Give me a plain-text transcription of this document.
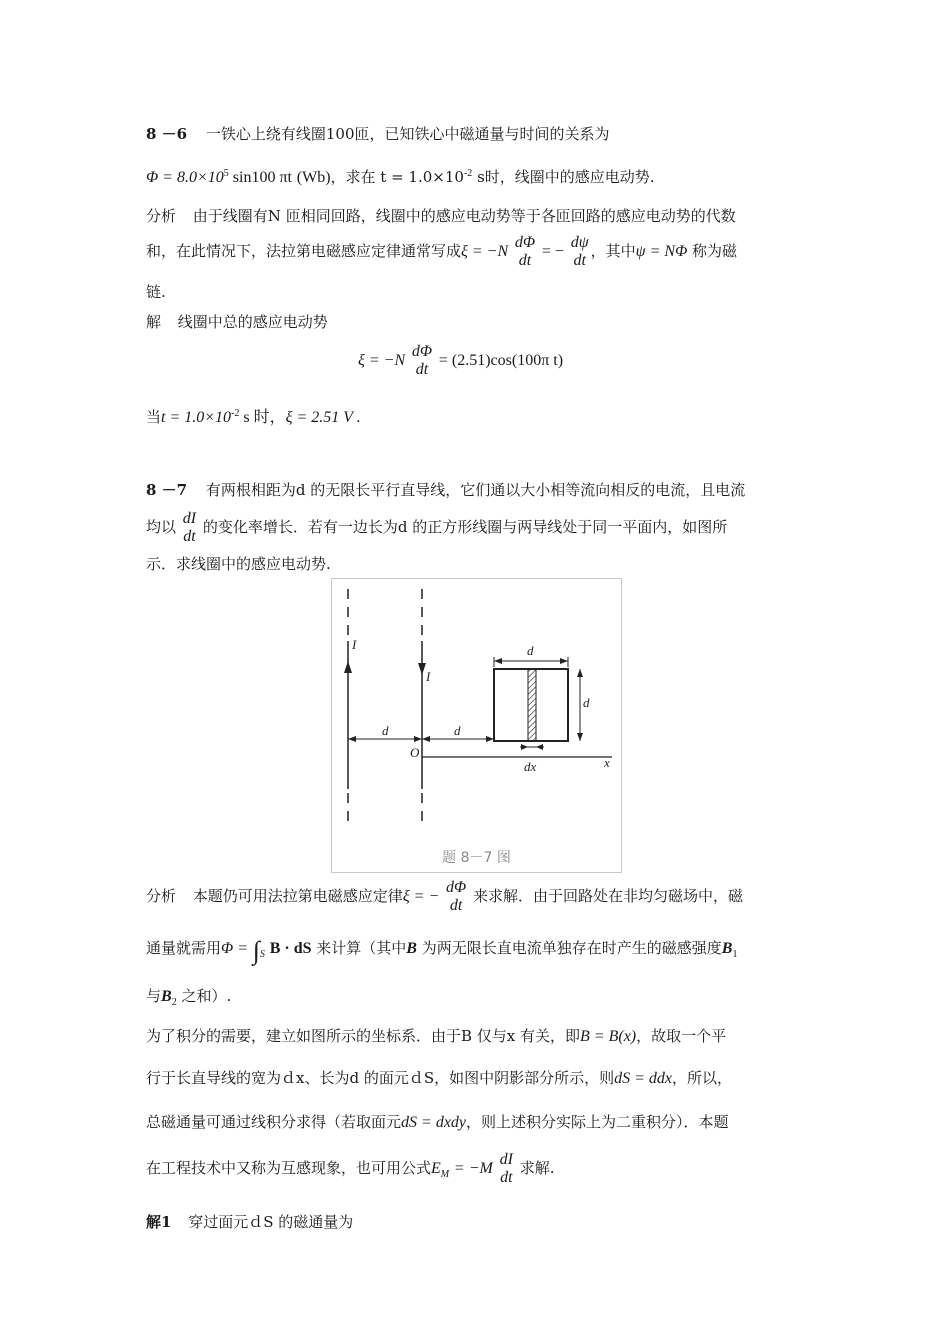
8 －6 一铁心上绕有线圈100匝，已知铁心中磁通量与时间的关系为
$\Phi = 8.0\times 10^5$ sin100 πt (Wb)，求在 $t = 1.0\times 10^{-2}$ s时，线圈中的感应电动势.
分析 由于线圈有N 匝相同回路，线圈中的感应电动势等于各匝回路的感应电动势的代数
和，在此情况下，法拉第电磁感应定律通常写成ξ = −N
dΦ
dt
= −
dψ
dt
，其中ψ = NΦ 称为磁
链.
解 线圈中总的感应电动势
ξ = −N
dΦ
dt
= (2.51)cos(100π t)
当$t = 1.0\times 10^{-2}$ s 时，ξ = 2.51 V .
8 －7 有两根相距为d 的无限长平行直导线，它们通以大小相等流向相反的电流，且电流
均以 dI
dt
的变化率增长．若有一边长为d 的正方形线圈与两导线处于同一平面内，如图所
示．求线圈中的感应电动势.
I
I
d	d
d
d
O
x
dx
题 8－7 图
分析 本题仍可用法拉第电磁感应定律ξ = −
dΦ
dt
来求解．由于回路处在非均匀磁场中，磁
通量就需用$\Phi = \int_S$ B · dS 来计算（其中B 为两无限长直电流单独存在时产生的磁感强度$B_1$
与$B_2$ 之和）.
为了积分的需要，建立如图所示的坐标系．由于B 仅与x 有关，即B = B(x)，故取一个平
行于长直导线的宽为ｄx、长为d 的面元ｄS，如图中阴影部分所示，则dS = ddx，所以，
总磁通量可通过线积分求得（若取面元dS = dxdy，则上述积分实际上为二重积分）．本题
在工程技术中又称为互感现象，也可用公式$E_M = -M$
dI
dt
求解.
解1 穿过面元ｄS 的磁通量为
